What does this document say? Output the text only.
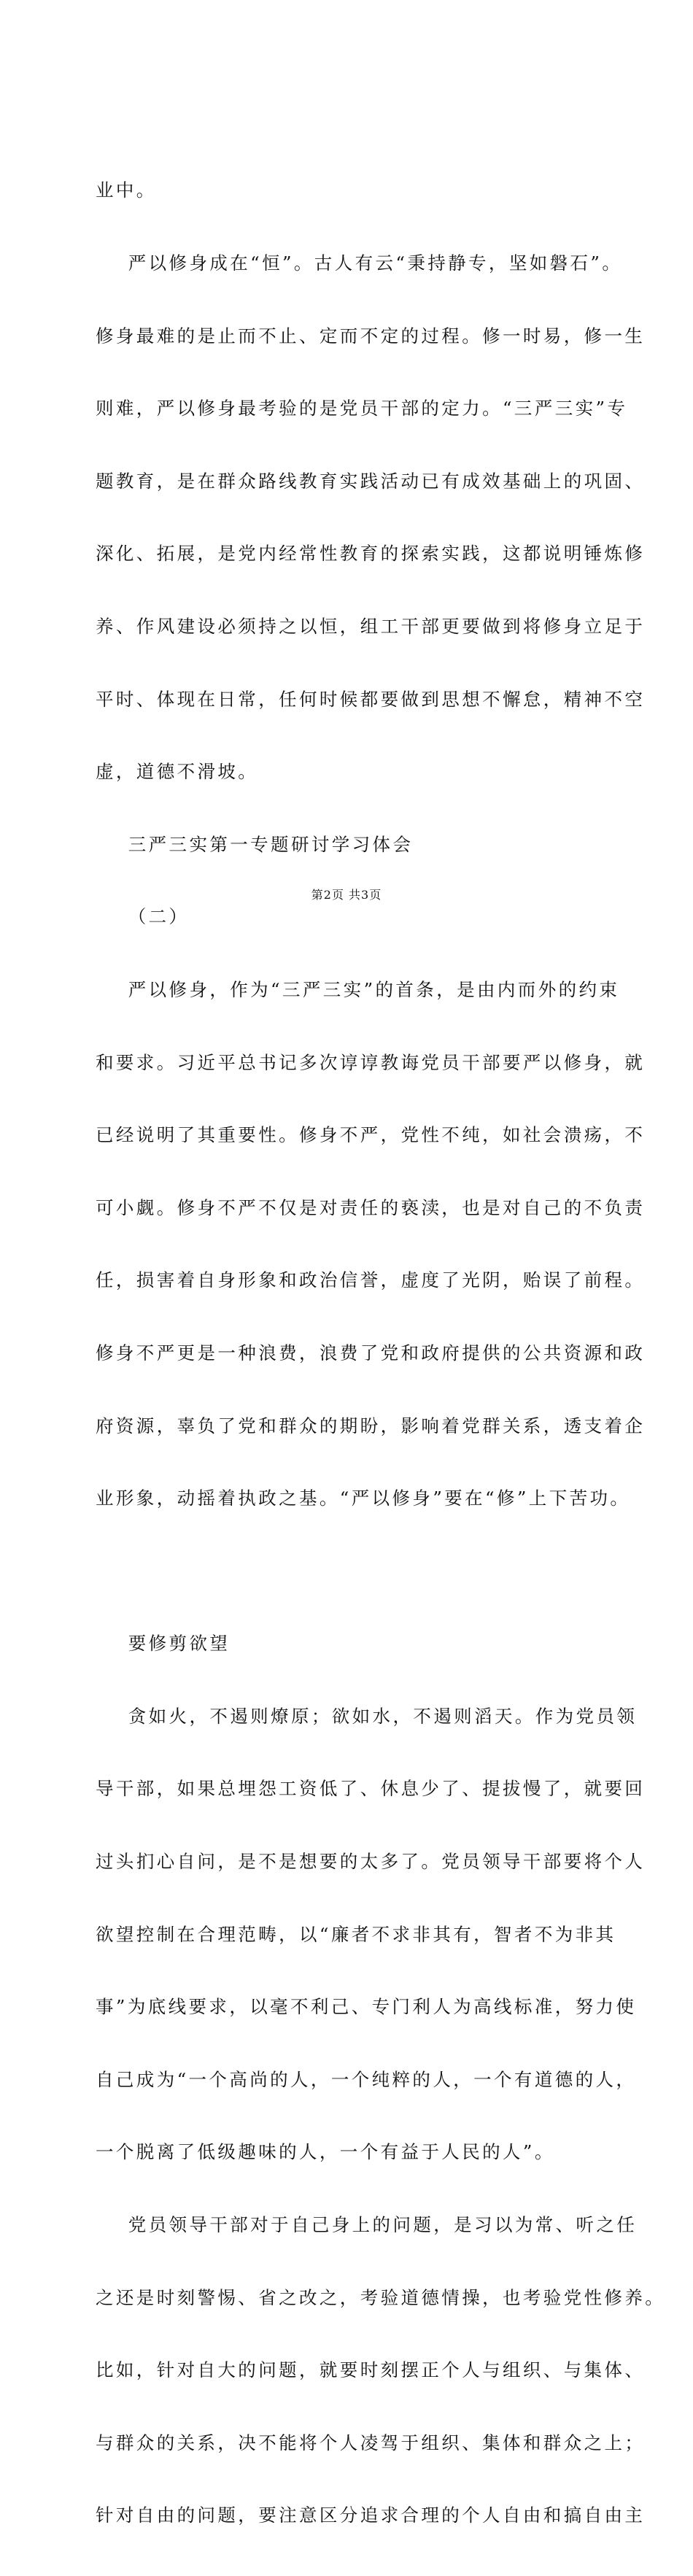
业中。

严以修身成在“恒”。古人有云“秉持静专，坚如磐石”。

修身最难的是止而不止、定而不定的过程。修一时易，修一生

则难，严以修身最考验的是党员干部的定力。“三严三实”专

题教育，是在群众路线教育实践活动已有成效基础上的巩固、

深化、拓展，是党内经常性教育的探索实践，这都说明锤炼修

养、作风建设必须持之以恒，组工干部更要做到将修身立足于

平时、体现在日常，任何时候都要做到思想不懈怠，精神不空

虚，道德不滑坡。

三严三实第一专题研讨学习体会

（二）

严以修身，作为“三严三实”的首条，是由内而外的约束

和要求。习近平总书记多次谆谆教诲党员干部要严以修身，就

已经说明了其重要性。修身不严，党性不纯，如社会溃疡，不

可小觑。修身不严不仅是对责任的亵渎，也是对自己的不负责

任，损害着自身形象和政治信誉，虚度了光阴，贻误了前程。

修身不严更是一种浪费，浪费了党和政府提供的公共资源和政

府资源，辜负了党和群众的期盼，影响着党群关系，透支着企

业形象，动摇着执政之基。“严以修身”要在“修”上下苦功。

要修剪欲望

贪如火，不遏则燎原；欲如水，不遏则滔天。作为党员领

导干部，如果总埋怨工资低了、休息少了、提拔慢了，就要回

过头扪心自问，是不是想要的太多了。党员领导干部要将个人

欲望控制在合理范畴，以“廉者不求非其有，智者不为非其

事”为底线要求，以毫不利己、专门利人为高线标准，努力使

自己成为“一个高尚的人，一个纯粹的人，一个有道德的人，

一个脱离了低级趣味的人，一个有益于人民的人”。

党员领导干部对于自己身上的问题，是习以为常、听之任

之还是时刻警惕、省之改之，考验道德情操，也考验党性修养。

比如，针对自大的问题，就要时刻摆正个人与组织、与集体、

与群众的关系，决不能将个人凌驾于组织、集体和群众之上；

针对自由的问题，要注意区分追求合理的个人自由和搞自由主

第2页 共3页
